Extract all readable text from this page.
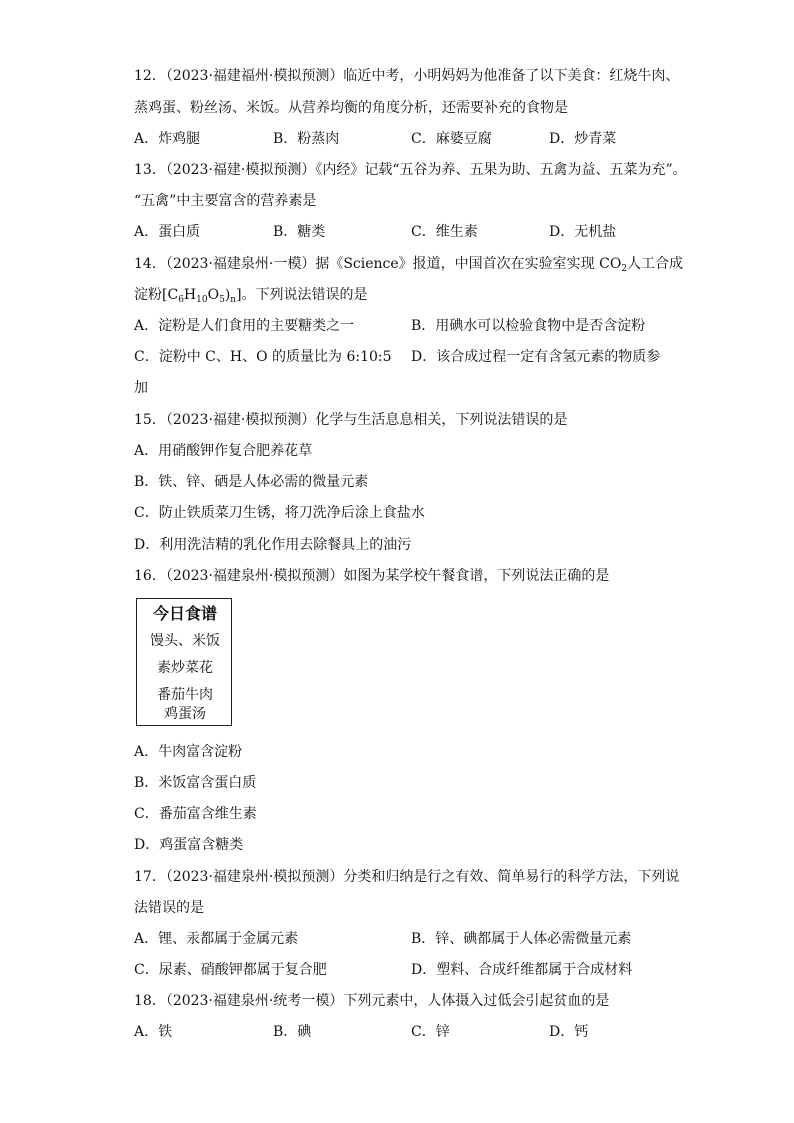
12．（2023·福建福州·模拟预测）临近中考，小明妈妈为他准备了以下美食：红烧牛肉、
蒸鸡蛋、粉丝汤、米饭。从营养均衡的角度分析，还需要补充的食物是
A．炸鸡腿	B．粉蒸肉	C．麻婆豆腐	D．炒青菜
13．（2023·福建·模拟预测）《内经》记载“五谷为养、五果为助、五禽为益、五菜为充”。
“五禽”中主要富含的营养素是
A．蛋白质	B．糖类	C．维生素	D．无机盐
14．（2023·福建泉州·一模）据《Science》报道，中国首次在实验室实现 $CO_2$人工合成
淀粉$[C_6H_{10}O_5)_n$]。下列说法错误的是
A．淀粉是人们食用的主要糖类之一	B．用碘水可以检验食物中是否含淀粉
C．淀粉中 C、H、O 的质量比为 6:10:5 D．该合成过程一定有含氢元素的物质参
加
15．（2023·福建·模拟预测）化学与生活息息相关，下列说法错误的是
A．用硝酸钾作复合肥养花草
B．铁、锌、硒是人体必需的微量元素
C．防止铁质菜刀生锈，将刀洗净后涂上食盐水
D．利用洗洁精的乳化作用去除餐具上的油污
16．（2023·福建泉州·模拟预测）如图为某学校午餐食谱，下列说法正确的是
今日食谱
馒头、米饭
素炒菜花
番茄牛肉
鸡蛋汤
A．牛肉富含淀粉
B．米饭富含蛋白质
C．番茄富含维生素
D．鸡蛋富含糖类
17．（2023·福建泉州·模拟预测）分类和归纳是行之有效、简单易行的科学方法，下列说
法错误的是
A．锂、汞都属于金属元素	B．锌、碘都属于人体必需微量元素
C．尿素、硝酸钾都属于复合肥	D．塑料、合成纤维都属于合成材料
18．（2023·福建泉州·统考一模）下列元素中，人体摄入过低会引起贫血的是
A．铁	B．碘	C．锌	D．钙
